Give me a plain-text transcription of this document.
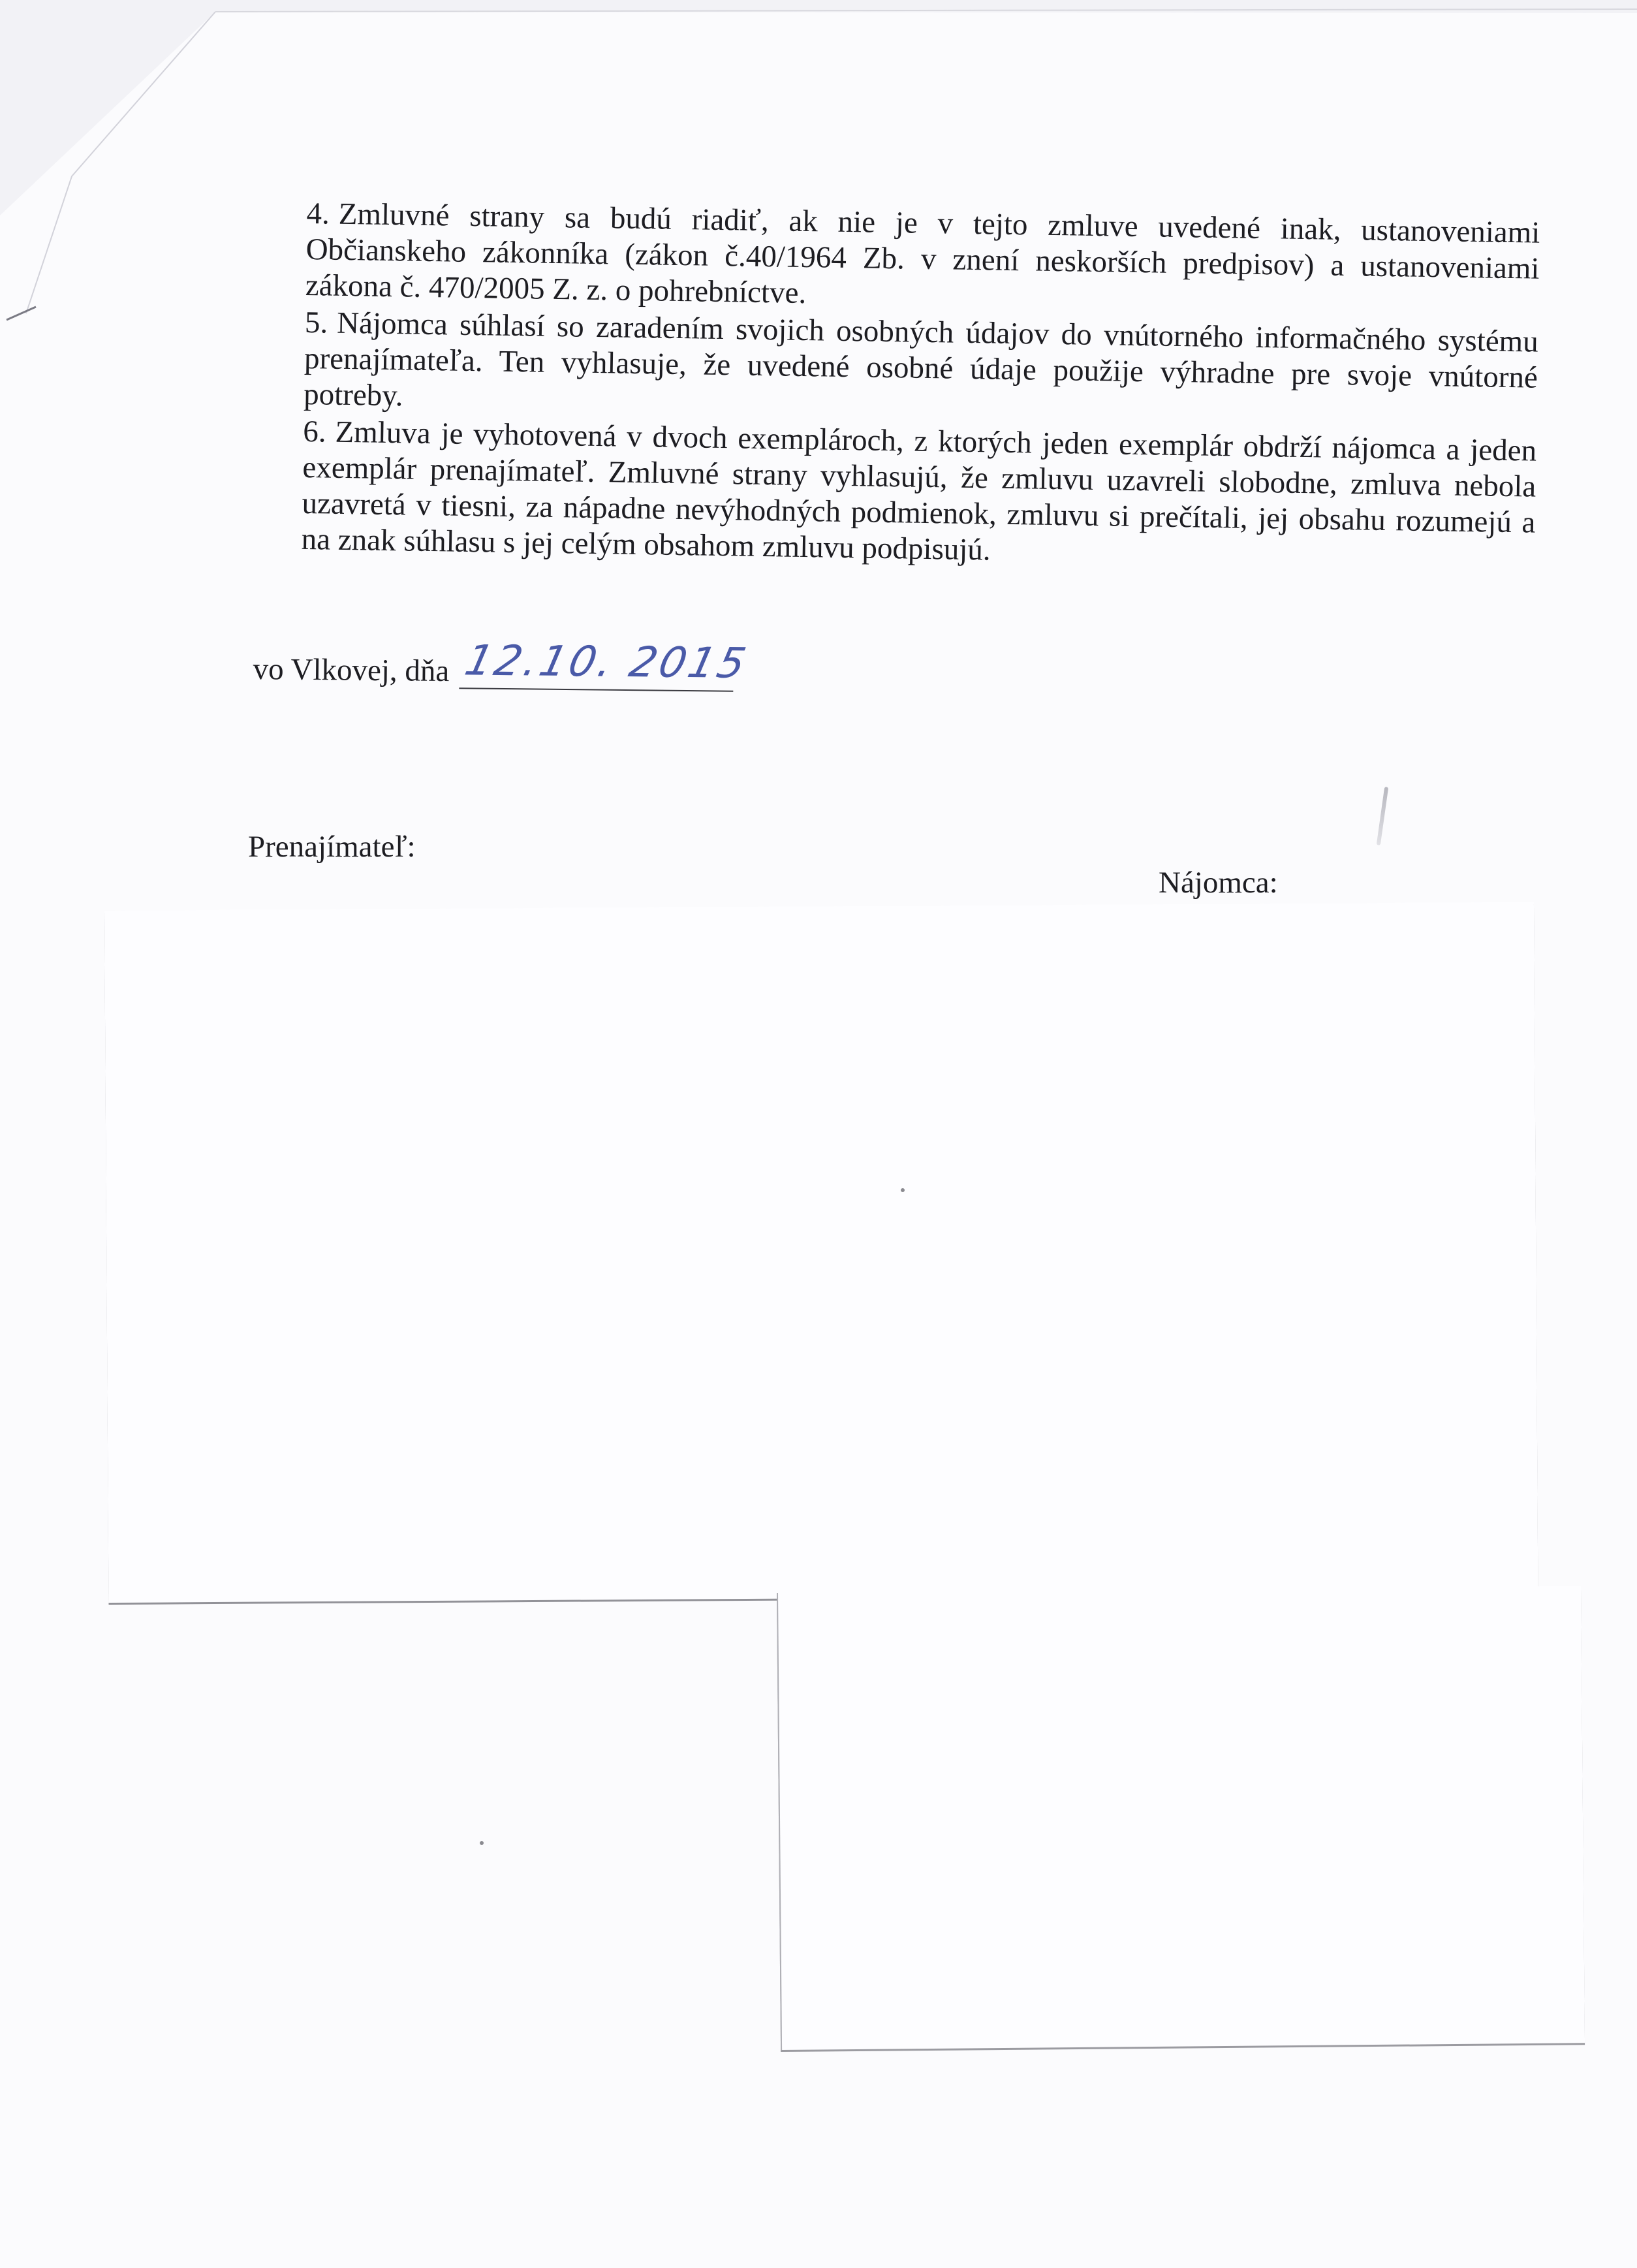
4. Zmluvné strany sa budú riadiť, ak nie je v tejto zmluve uvedené inak, ustanoveniami Občianskeho zákonníka (zákon č.40/1964 Zb. v znení neskorších predpisov) a ustanoveniami zákona č. 470/2005 Z. z. o pohrebníctve.

5. Nájomca súhlasí so zaradením svojich osobných údajov do vnútorného informačného systému prenajímateľa. Ten vyhlasuje, že uvedené osobné údaje použije výhradne pre svoje vnútorné potreby.

6. Zmluva je vyhotovená v dvoch exemplároch, z ktorých jeden exemplár obdrží nájomca a jeden exemplár prenajímateľ. Zmluvné strany vyhlasujú, že zmluvu uzavreli slobodne, zmluva nebola uzavretá v tiesni, za nápadne nevýhodných podmienok, zmluvu si prečítali, jej obsahu rozumejú a na znak súhlasu s jej celým obsahom zmluvu podpisujú.

vo Vlkovej, dňa 12.10. 2015
Prenajímateľ:
Nájomca:
